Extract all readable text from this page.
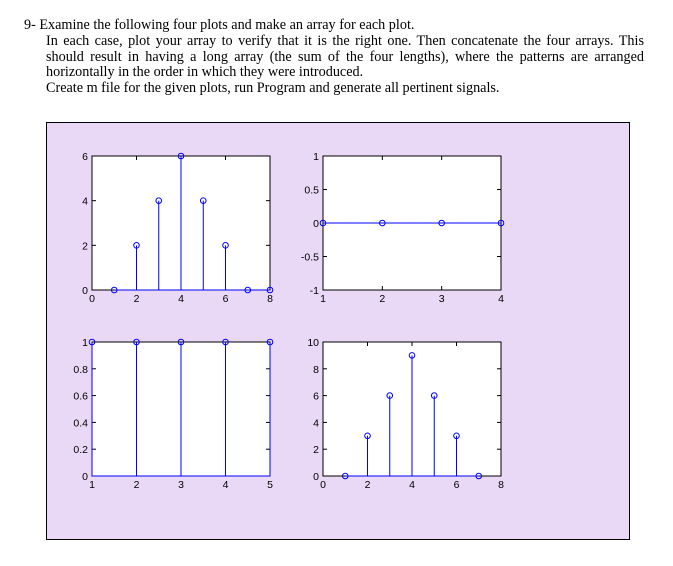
9- Examine the following four plots and make an array for each plot.
In each case, plot your array to verify that it is the right one. Then concatenate the four arrays. This should result in having a long array (the sum of the four lengths), where the patterns are arranged horizontally in the order in which they were introduced.
Create m file for the given plots, run Program and generate all pertinent signals.
0	2	4	6	8
0
2
4
6
1	2	3	4
-1
-0.5
0
0.5
1
1	2	3	4	5
0
0.2
0.4
0.6
0.8
1
0	2	4	6	8
0
2
4
6
8
10
